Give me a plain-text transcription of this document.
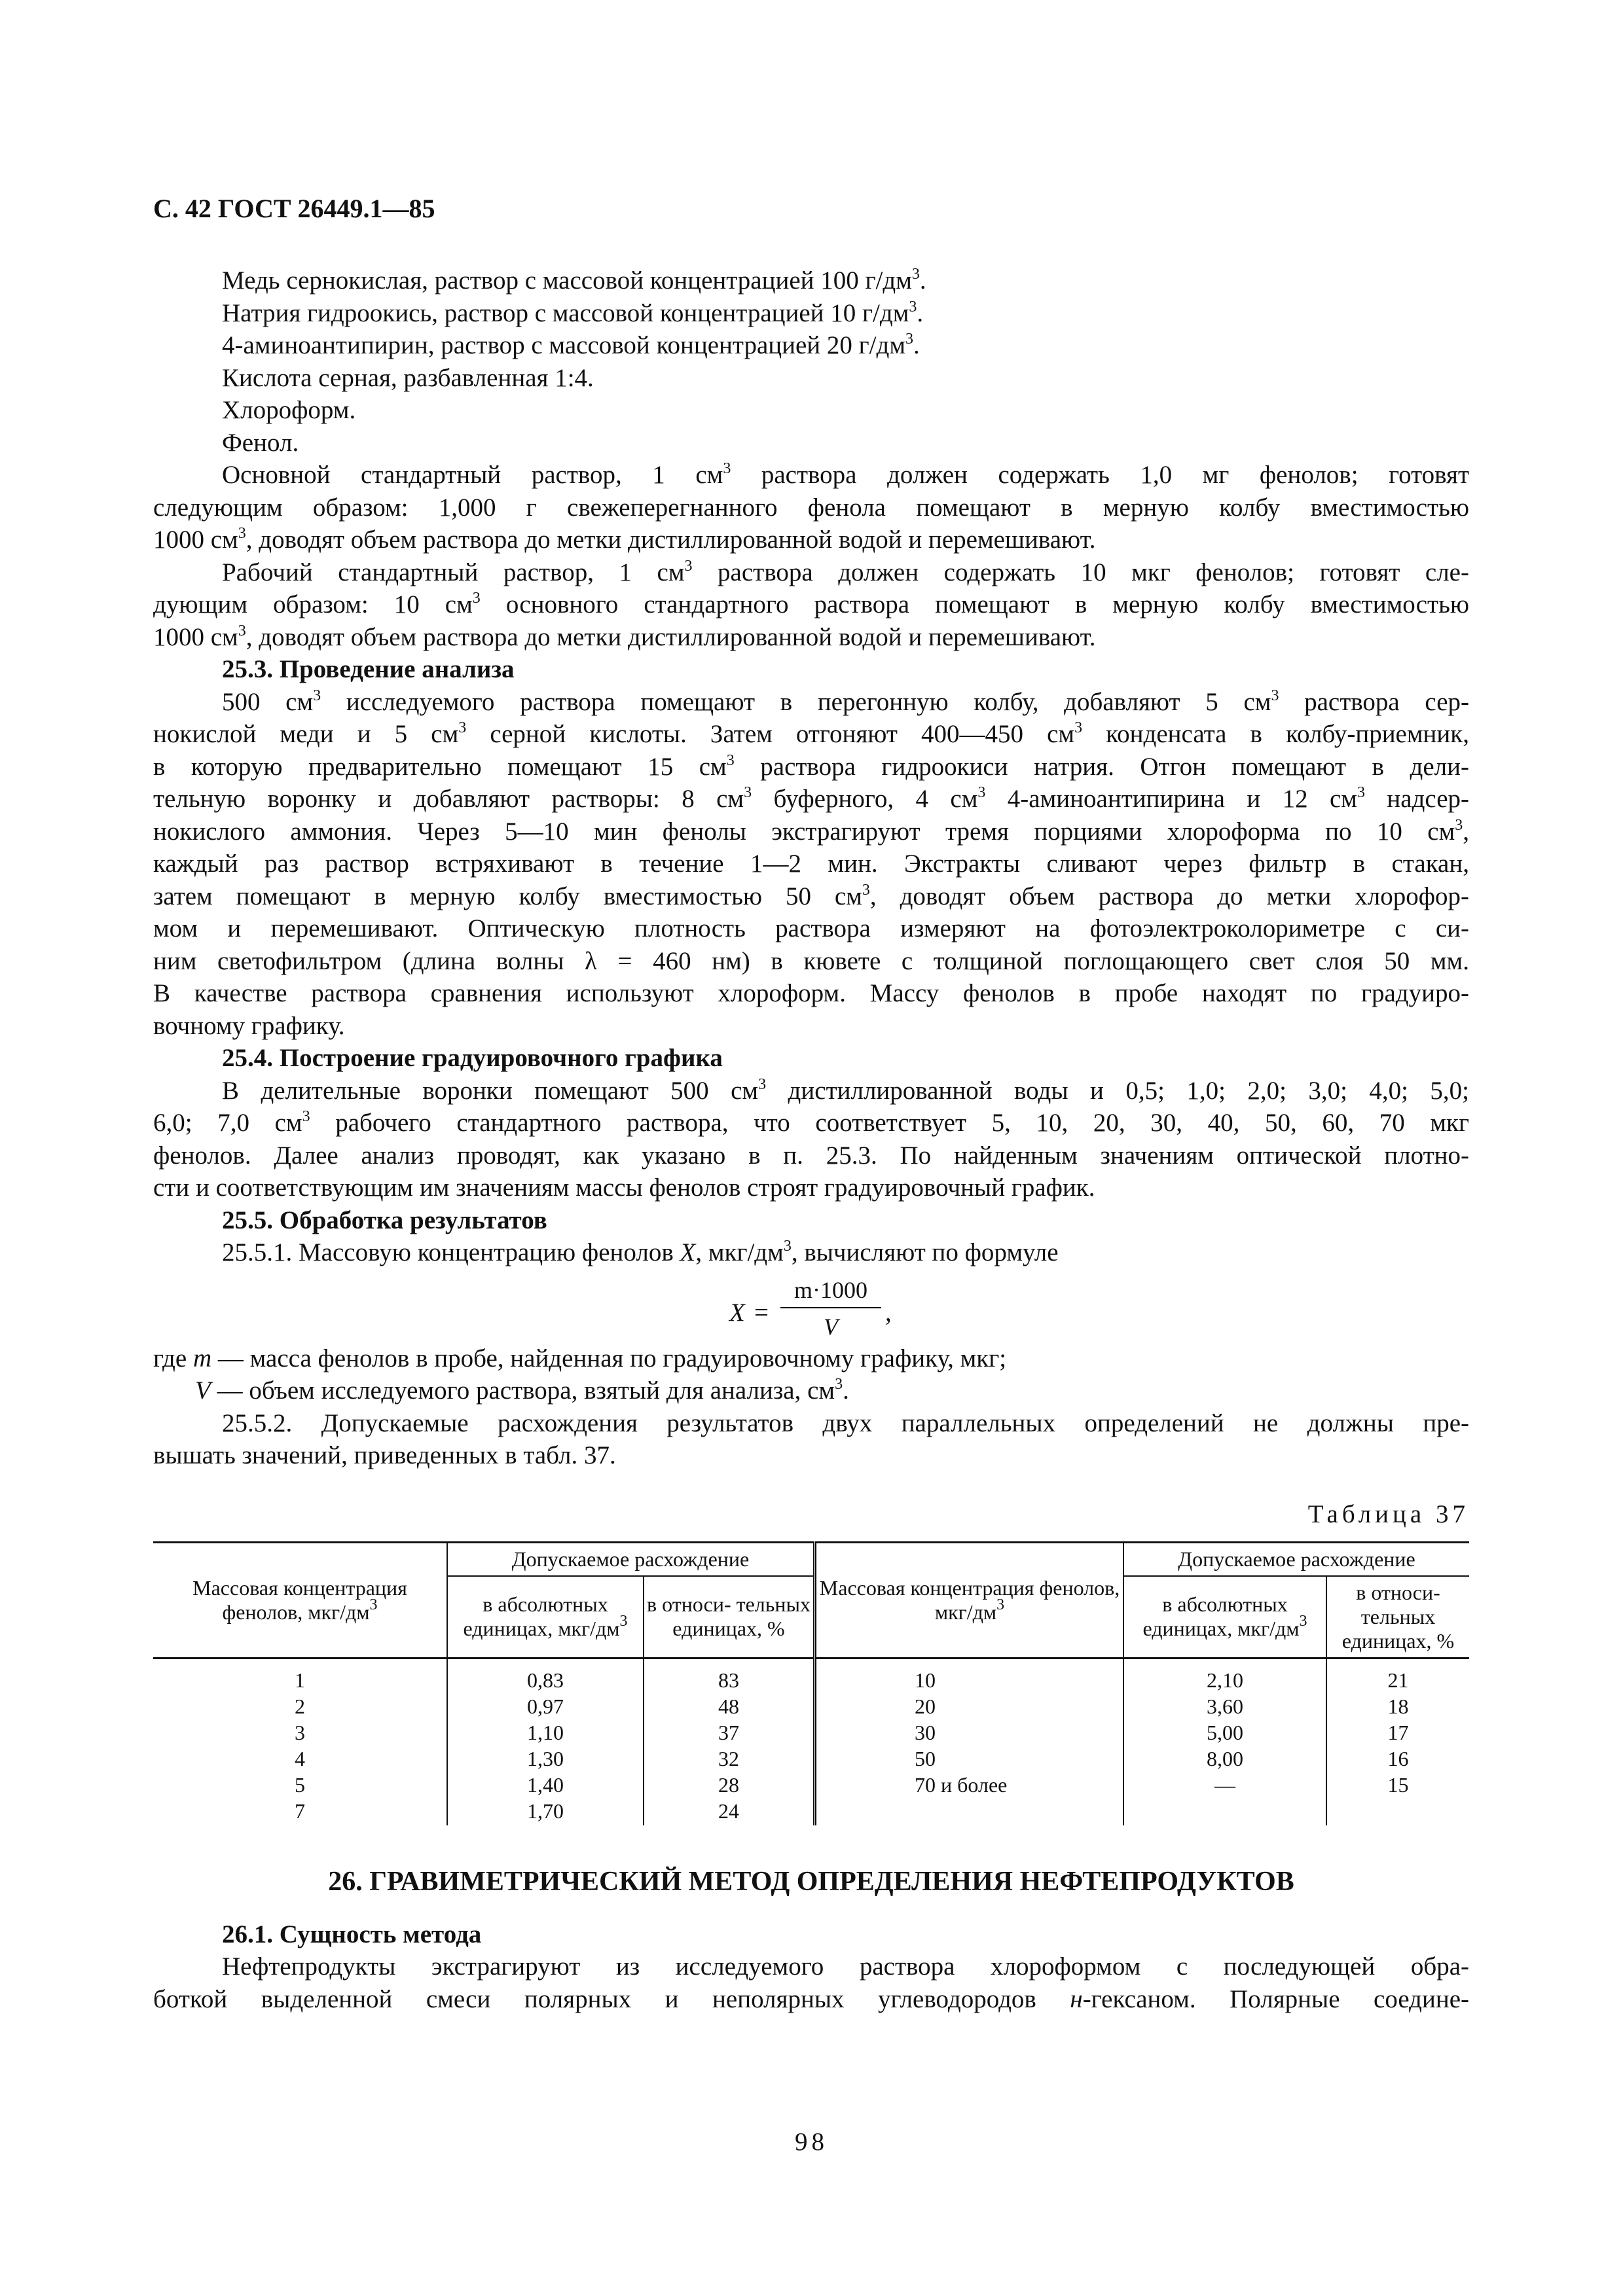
С. 42 ГОСТ 26449.1—85
Медь сернокислая, раствор с массовой концентрацией 100 $г/дм^3$.
Натрия гидроокись, раствор с массовой концентрацией 10 $г/дм^3$.
4-аминоантипирин, раствор с массовой концентрацией 20 $г/дм^3$.
Кислота серная, разбавленная 1:4.
Хлороформ.
Фенол.
Основной стандартный раствор, 1 $см^3$ раствора должен содержать 1,0 мг фенолов; готовят
следующим образом: 1,000 г свежеперегнанного фенола помещают в мерную колбу вместимостью
1000 $см^3$, доводят объем раствора до метки дистиллированной водой и перемешивают.
Рабочий стандартный раствор, 1 $см^3$ раствора должен содержать 10 мкг фенолов; готовят сле-
дующим образом: 10 $см^3$ основного стандартного раствора помещают в мерную колбу вместимостью
1000 $см^3$, доводят объем раствора до метки дистиллированной водой и перемешивают.
25.3. Проведение анализа
500 $см^3$ исследуемого раствора помещают в перегонную колбу, добавляют 5 $см^3$ раствора сер-
нокислой меди и 5 $см^3$ серной кислоты. Затем отгоняют 400—450 $см^3$ конденсата в колбу-приемник,
в которую предварительно помещают 15 $см^3$ раствора гидроокиси натрия. Отгон помещают в дели-
тельную воронку и добавляют растворы: 8 $см^3$ буферного, 4 $см^3$ 4-аминоантипирина и 12 $см^3$ надсер-
нокислого аммония. Через 5—10 мин фенолы экстрагируют тремя порциями хлороформа по 10 $см^3$,
каждый раз раствор встряхивают в течение 1—2 мин. Экстракты сливают через фильтр в стакан,
затем помещают в мерную колбу вместимостью 50 $см^3$, доводят объем раствора до метки хлорофор-
мом и перемешивают. Оптическую плотность раствора измеряют на фотоэлектроколориметре с си-
ним светофильтром (длина волны λ = 460 нм) в кювете с толщиной поглощающего свет слоя 50 мм.
В качестве раствора сравнения используют хлороформ. Массу фенолов в пробе находят по градуиро-
вочному графику.
25.4. Построение градуировочного графика
В делительные воронки помещают 500 $см^3$ дистиллированной воды и 0,5; 1,0; 2,0; 3,0; 4,0; 5,0;
6,0; 7,0 $см^3$ рабочего стандартного раствора, что соответствует 5, 10, 20, 30, 40, 50, 60, 70 мкг
фенолов. Далее анализ проводят, как указано в п. 25.3. По найденным значениям оптической плотно-
сти и соответствующим им значениям массы фенолов строят градуировочный график.
25.5. Обработка результатов
25.5.1. Массовую концентрацию фенолов X, мкг/$дм^3$, вычисляют по формуле
X =
m·1000
V	,
где m — масса фенолов в пробе, найденная по градуировочному графику, мкг;
V — объем исследуемого раствора, взятый для анализа, $см^3$.
25.5.2. Допускаемые расхождения результатов двух параллельных определений не должны пре-
вышать значений, приведенных в табл. 37.
Таблица 37
Массовая концентрация фенолов, мкг/$дм^3$	Допускаемое расхождение		Массовая концентрация фенолов, мкг/$дм^3$	Допускаемое расхождение	
	в абсолютных единицах, мкг/$дм^3$	в относи- тельных единицах, %		в абсолютных единицах, мкг/$дм^3$	в относи- тельных единицах, %
1	0,83	83	10	2,10	21
2	0,97	48	20	3,60	18
3	1,10	37	30	5,00	17
4	1,30	32	50	8,00	16
5	1,40	28	70 и более	—	15
7	1,70	24			
26. ГРАВИМЕТРИЧЕСКИЙ МЕТОД ОПРЕДЕЛЕНИЯ НЕФТЕПРОДУКТОВ
26.1. Сущность метода
Нефтепродукты экстрагируют из исследуемого раствора хлороформом с последующей обра-
боткой выделенной смеси полярных и неполярных углеводородов н-гексаном. Полярные соедине-
98
